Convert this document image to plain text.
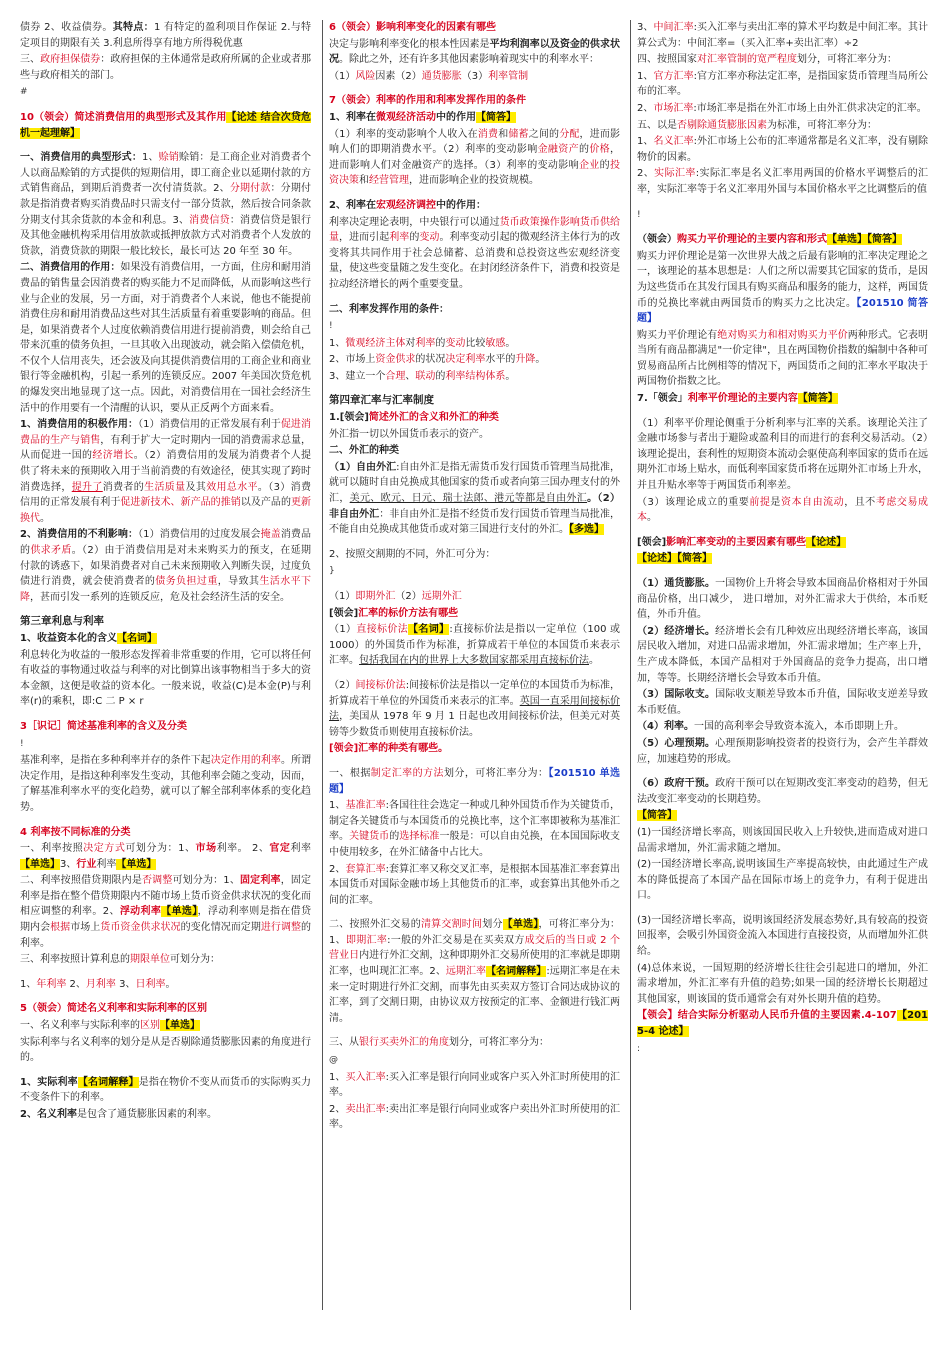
债券 2、收益债券。其特点：1 有特定的盈利项目作保证 2.与特定项目的期限有关 3.利息所得享有地方所得税优惠

三、政府担保债券：政府担保的主体通常是政府所属的企业或者那些与政府相关的部门。

#

10（领会）简述消费信用的典型形式及其作用【论述 结合次贷危机一起理解】

一、消费信用的典型形式：1、赊销赊销：是工商企业对消费者个人以商品赊销的方式提供的短期信用，即工商企业以延期付款的方式销售商品，到期后消费者一次付清货款。2、分期付款：分期付款是指消费者购买消费品时只需支付一部分货款，然后按合同条款分期支付其余货款的本金和利息。3、消费信贷：消费信贷是银行及其他金融机构采用信用放款或抵押放款方式对消费者个人发放的贷款，消费贷款的期限一般比较长，最长可达 20 年至 30 年。

二、消费信用的作用：如果没有消费信用，一方面，住房和耐用消费品的销售量会因消费者的购买能力不足而降低，从而影响这些行业与企业的发展，另一方面，对于消费者个人来说，他也不能提前消费住房和耐用消费品这些对其生活质量有着重要影响的商品。但是，如果消费者个人过度依赖消费信用进行提前消费，则会给自己带来沉重的债务负担，一旦其收入出现波动，就会陷入偿债危机，不仅个人信用丧失，还会波及向其提供消费信用的工商企业和商业银行等金融机构，引起一系列的连锁反应。2007 年美国次贷危机的爆发突出地显现了这一点。因此，对消费信用在一国社会经济生活中的作用要有一个清醒的认识，要从正反两个方面来看。

1、消费信用的积极作用：（1）消费信用的正常发展有利于促进消费品的生产与销售，有利于扩大一定时期内一国的消费需求总量，从而促进一国的经济增长。（2）消费信用的发展为消费者个人提供了将未来的预期收入用于当前消费的有效途径，使其实现了跨时消费选择，提升了消费者的生活质量及其效用总水平。（3）消费信用的正常发展有利于促进新技术、新产品的推销以及产品的更新换代。

2、消费信用的不利影响：（1）消费信用的过度发展会掩盖消费品的供求矛盾。（2）由于消费信用是对未来购买力的预支，在延期付款的诱惑下，如果消费者对自己未来预期收入判断失误，过度负债进行消费，就会使消费者的债务负担过重，导致其生活水平下降，甚而引发一系列的连锁反应，危及社会经济生活的安全。

第三章利息与利率

1、收益资本化的含义【名词】

利息转化为收益的一般形态发挥着非常重要的作用，它可以将任何有收益的事物通过收益与利率的对比倒算出该事物相当于多大的资本金额，这便是收益的资本化。一般来说，收益(C)是本金(P)与利率(r)的乘积，即:C 二 P × r

3［识记］简述基准利率的含义及分类

!

基准利率，是指在多种利率并存的条件下起决定作用的利率。所谓决定作用，是指这种利率发生变动，其他利率会随之变动，因而，了解基准利率水平的变化趋势，就可以了解全部利率体系的变化趋势。

4 利率按不同标准的分类

一、利率按照决定方式可划分为：1、市场利率。 2、官定利率【单选】3、行业利率【单选】

二、利率按照借贷期限内是否调整可划分为：1、固定利率，固定利率是指在整个借贷期限内不随市场上货币资金供求状况的变化而相应调整的利率。2、浮动利率【单选】，浮动利率则是指在借贷期内会根据市场上货币资金供求状况的变化情况而定期进行调整的利率。

三、利率按照计算利息的期限单位可划分为：

1、年利率 2、月利率 3、日利率。

5（领会）简述名义利率和实际利率的区别

一、名义利率与实际利率的区别【单选】

实际利率与名义利率的划分是从是否剔除通货膨胀因素的角度进行的。

1、实际利率【名词解释】是指在物价不变从而货币的实际购买力不变条件下的利率。

2、名义利率是包含了通货膨胀因素的利率。

6（领会）影响利率变化的因素有哪些

决定与影响利率变化的根本性因素是平均利润率以及资金的供求状况。除此之外，还有许多其他因素影响着现实中的利率水平：

（1）风险因素（2）通货膨胀（3）利率管制

7（领会）利率的作用和利率发挥作用的条件

1、利率在微观经济活动中的作用【简答】

（1）利率的变动影响个人收入在消费和储蓄之间的分配，进而影响人们的即期消费水平。（2）利率的变动影响金融资产的价格，进而影响人们对金融资产的选择。（3）利率的变动影响企业的投资决策和经营管理，进而影响企业的投资规模。

2、利率在宏观经济调控中的作用：

利率决定理论表明，中央银行可以通过货币政策操作影响货币供给量，进而引起利率的变动。利率变动引起的微观经济主体行为的改变将其共同作用于社会总储蓄、总消费和总投资这些宏观经济变量，使这些变量随之发生变化。在封闭经济条件下，消费和投资是拉动经济增长的两个重要变量。

二、利率发挥作用的条件：

!

1、微观经济主体对利率的变动比较敏感。

2、市场上资金供求的状况决定利率水平的升降。

3、建立一个合理、联动的利率结构体系。

第四章汇率与汇率制度

1.[领会]简述外汇的含义和外汇的种类

外汇指一切以外国货币表示的资产。

二、外汇的种类

（1）自由外汇:自由外汇是指无需货币发行国货币管理当局批准，就可以随时自由兑换成其他国家的货币或者向第三国办理支付的外汇，美元、欧元、日元、瑞士法郎、港元等都是自由外汇。（2）非自由外汇：非自由外汇是指不经货币发行国货币管理当局批准，不能自由兑换成其他货币或对第三国进行支付的外汇。【多选】

2、按照交割期的不同，外汇可分为：

}

（1）即期外汇（2）远期外汇

[领会]汇率的标价方法有哪些

（1）直接标价法【名词】:直接标价法是指以一定单位（100 或 1000）的外国货币作为标准，折算成若干单位的本国货币来表示汇率。包括我国在内的世界上大多数国家都采用直接标价法。

（2）间接标价法:间接标价法是指以一定单位的本国货币为标准，折算成若干单位的外国货币来表示的汇率。英国一直采用间接标价法，美国从 1978 年 9 月 1 日起也改用间接标价法，但美元对英镑等少数货币则使用直接标价法。

[领会]汇率的种类有哪些。

一、根据制定汇率的方法划分，可将汇率分为：【201510 单选题】

1、基准汇率:各国往往会选定一种或几种外国货币作为关键货币，制定各关键货币与本国货币的兑换比率，这个汇率即被称为基准汇率。关键货币的选择标准一般是：可以自由兑换，在本国国际收支中使用较多，在外汇储备中占比大。

2、套算汇率:套算汇率又称交叉汇率，是根据本国基准汇率套算出本国货币对国际金融市场上其他货币的汇率，或套算出其他外币之间的汇率。

二、按照外汇交易的清算交割时间划分【单选】，可将汇率分为：1、即期汇率:一般的外汇交易是在买卖双方成交后的当日或 2 个营业日内进行外汇交割，这种即期外汇交易所使用的汇率就是即期汇率，也叫现汇汇率。2、远期汇率【名词解释】:远期汇率是在未来一定时期进行外汇交割，而事先由买卖双方签订合同达成协议的汇率，到了交割日期，由协议双方按预定的汇率、金额进行钱汇两清。

三、从银行买卖外汇的角度划分，可将汇率分为：

@

1、买入汇率:买入汇率是银行向同业或客户买入外汇时所使用的汇率。

2、卖出汇率:卖出汇率是银行向同业或客户卖出外汇时所使用的汇率。

3、中间汇率:买入汇率与卖出汇率的算术平均数是中间汇率。其计算公式为：中间汇率=（买入汇率+卖出汇率）÷2

四、按照国家对汇率管制的宽严程度划分，可将汇率分为：

1、官方汇率:官方汇率亦称法定汇率，是指国家货币管理当局所公布的汇率。

2、市场汇率:市场汇率是指在外汇市场上由外汇供求决定的汇率。

五、以是否剔除通货膨胀因素为标准，可将汇率分为：

1、名义汇率:外汇市场上公布的汇率通常都是名义汇率，没有剔除物价的因素。

2、实际汇率:实际汇率是名义汇率用两国的价格水平调整后的汇率，实际汇率等于名义汇率用外国与本国价格水平之比调整后的值

!

（领会）购买力平价理论的主要内容和形式【单选】【简答】

购买力评价理论是第一次世界大战之后最有影响的汇率决定理论之一，该理论的基本思想是：人们之所以需要其它国家的货币，是因为这些货币在其发行国具有购买商品和服务的能力，这样，两国货币的兑换比率就由两国货币的购买力之比决定。【201510 简答题】

购买力平价理论有绝对购买力和相对购买力平价两种形式。它表明当所有商品都满足"一价定律"，且在两国物价指数的编制中各种可贸易商品所占比例相等的情况下，两国货币之间的汇率水平取决于两国物价指数之比。

7.「领会」利率平价理论的主要内容【简答】

（1）利率平价理论侧重于分析利率与汇率的关系。该理论关注了金融市场参与者出于避险或盈利目的而进行的套利交易活动。（2）该理论提出，套利性的短期资本流动会驱使高利率国家的货币在远期外汇市场上贴水，而低利率国家货币将在远期外汇市场上升水，并且升贴水率等于两国货币利率差。

（3）该理论成立的重要前提是资本自由流动，且不考虑交易成本。

[领会]影响汇率变动的主要因素有哪些【论述】

【论述】【简答】

（1）通货膨胀。一国物价上升将会导致本国商品价格相对于外国商品价格，出口减少， 进口增加，对外汇需求大于供给，本币贬值，外币升值。

（2）经济增长。经济增长会有几种效应出现经济增长率高，该国居民收入增加，对进口品需求增加，外汇需求增加；生产率上升，生产成本降低，本国产品相对于外国商品的竞争力提高，出口增加，等等。长期经济增长会导致本币升值。

（3）国际收支。国际收支顺差导致本币升值，国际收支逆差导致本币贬值。

（4）利率。一国的高利率会导致资本流入，本币即期上升。

（5）心理预期。心理预期影响投资者的投资行为，会产生羊群效应，加速趋势的形成。

（6）政府干预。政府干预可以在短期改变汇率变动的趋势，但无法改变汇率变动的长期趋势。

【简答】

(1)一国经济增长率高，则该国国民收入上升较快,进而造成对进口品需求增加，外汇需求随之增加。

(2)一国经济增长率高,说明该国生产率提高较快，由此通过生产成本的降低提高了本国产品在国际市场上的竞争力，有利于促进出口。

(3)一国经济增长率高，说明该国经济发展态势好,具有较高的投资回报率，会吸引外国资金流入本国进行直接投资，从而增加外汇供给。

(4)总体来说，一国短期的经济增长往往会引起进口的增加，外汇需求增加，外汇汇率有升值的趋势;如果一国的经济增长长期超过其他国家，则该国的货币通常会有对外长期升值的趋势。

【领会】结合实际分析驱动人民币升值的主要因素.4-107【2015-4 论述】

:
